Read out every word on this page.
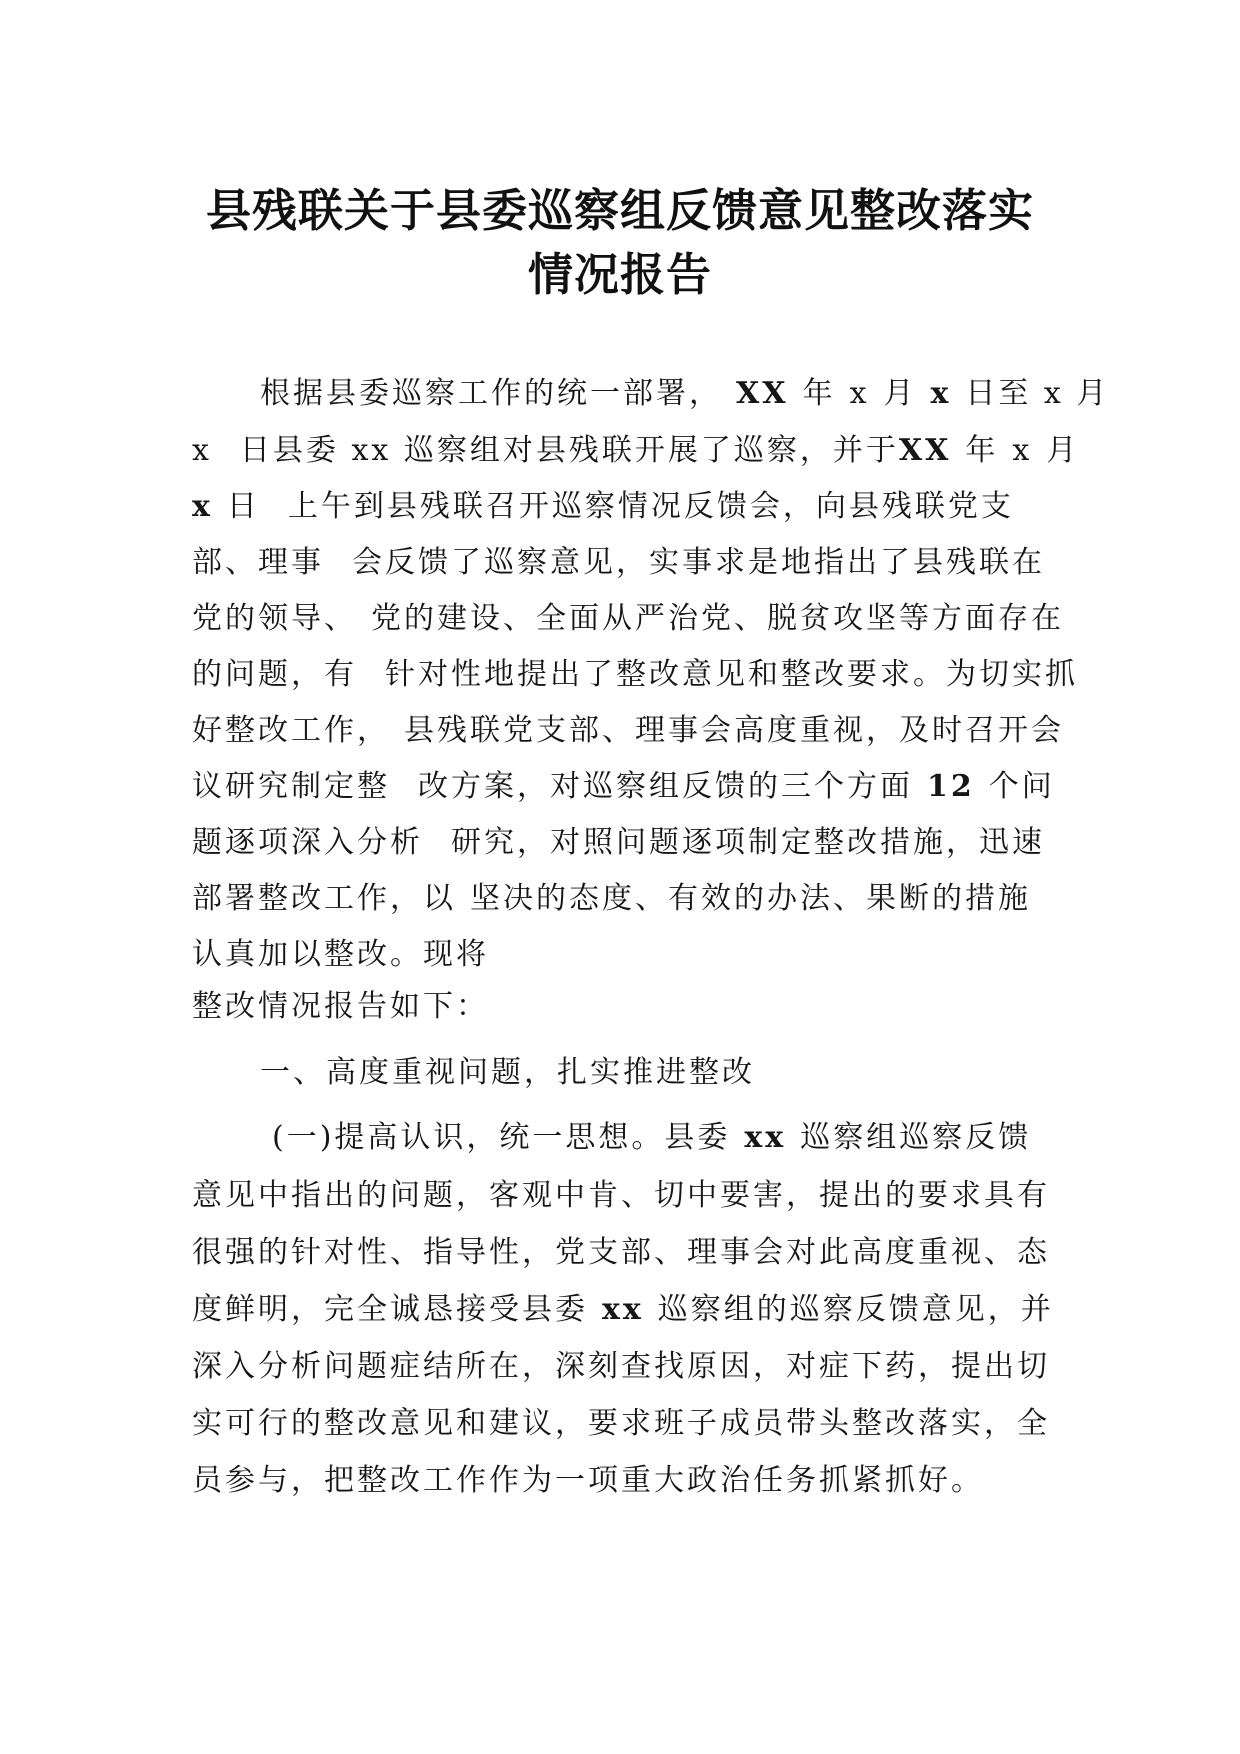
县残联关于县委巡察组反馈意见整改落实
情况报告
根据县委巡察工作的统一部署， XX 年 x 月 x 日至 x 月
x 日县委 xx 巡察组对县残联开展了巡察，并于XX 年 x 月
x 日 上午到县残联召开巡察情况反馈会，向县残联党支
部、理事 会反馈了巡察意见，实事求是地指出了县残联在
党的领导、 党的建设、全面从严治党、脱贫攻坚等方面存在
的问题，有 针对性地提出了整改意见和整改要求。为切实抓
好整改工作， 县残联党支部、理事会高度重视，及时召开会
议研究制定整 改方案，对巡察组反馈的三个方面 12 个问
题逐项深入分析 研究，对照问题逐项制定整改措施，迅速
部署整改工作，以 坚决的态度、有效的办法、果断的措施
认真加以整改。现将
整改情况报告如下：
一、高度重视问题，扎实推进整改
(一)提高认识，统一思想。县委 xx 巡察组巡察反馈
意见中指出的问题，客观中肯、切中要害，提出的要求具有
很强的针对性、指导性，党支部、理事会对此高度重视、态
度鲜明，完全诚恳接受县委 xx 巡察组的巡察反馈意见，并
深入分析问题症结所在，深刻查找原因，对症下药，提出切
实可行的整改意见和建议，要求班子成员带头整改落实，全
员参与，把整改工作作为一项重大政治任务抓紧抓好。
